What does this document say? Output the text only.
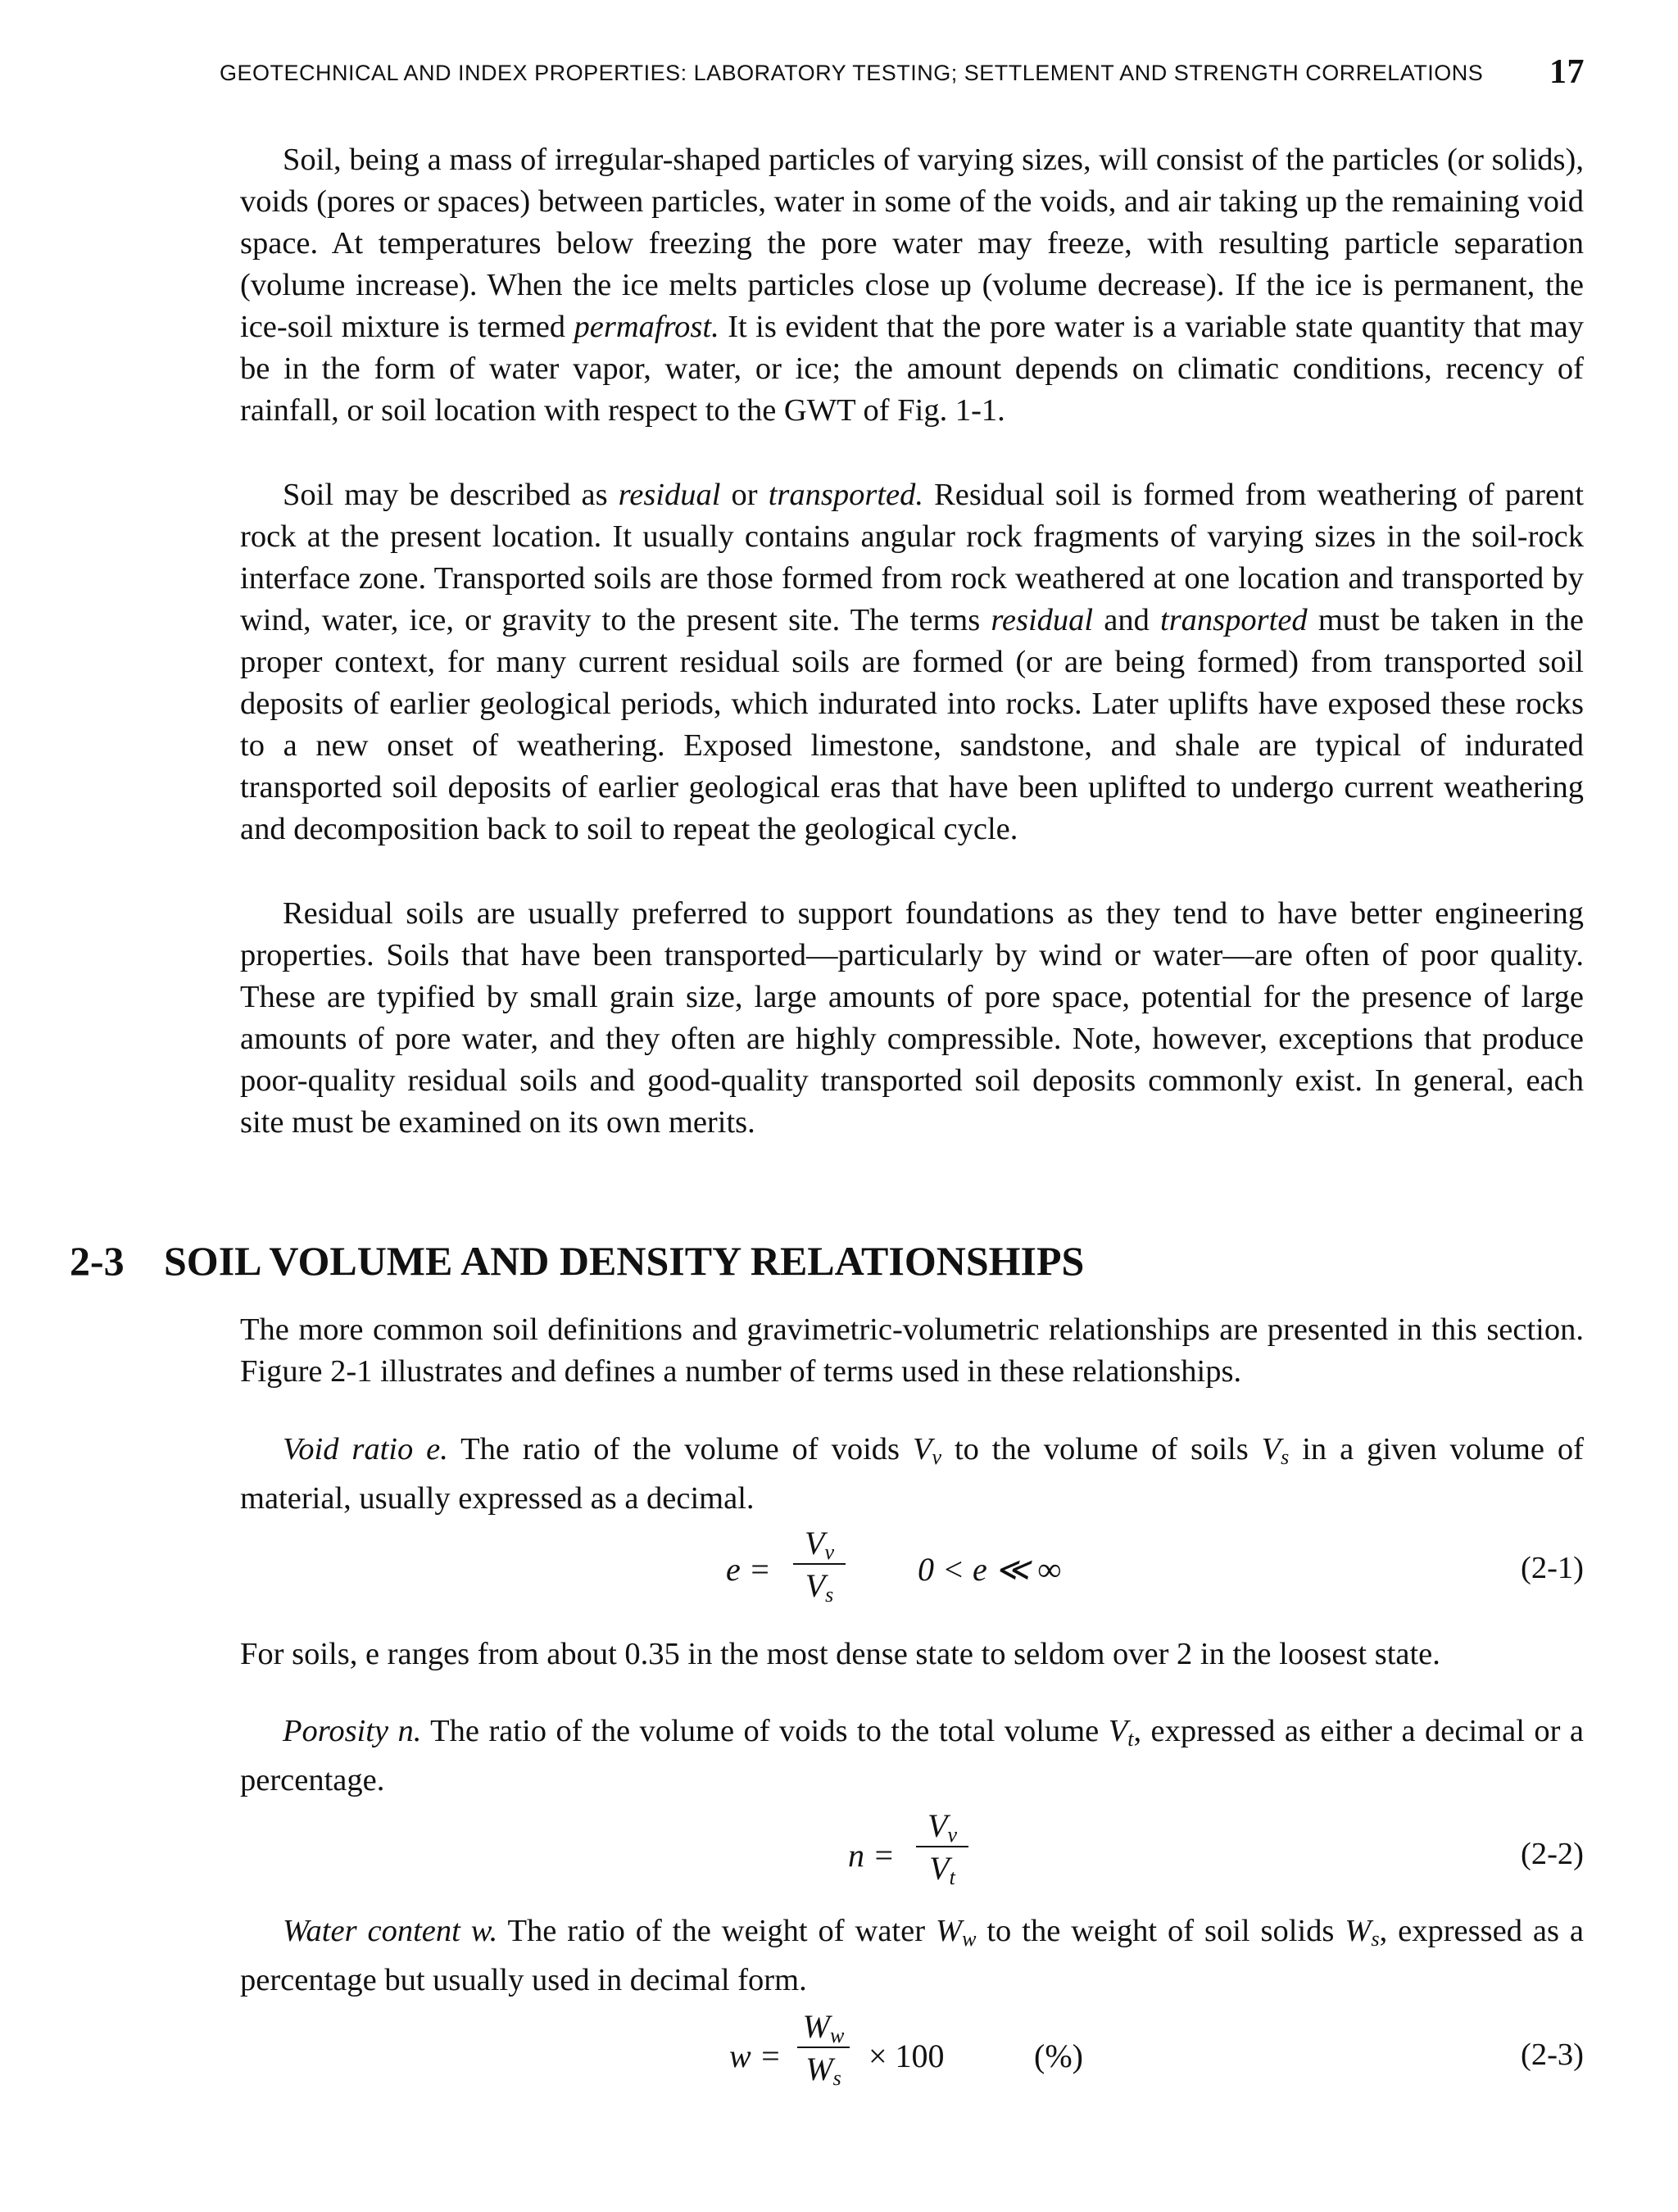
GEOTECHNICAL AND INDEX PROPERTIES: LABORATORY TESTING; SETTLEMENT AND STRENGTH CORRELATIONS 17

Soil, being a mass of irregular-shaped particles of varying sizes, will consist of the particles (or solids), voids (pores or spaces) between particles, water in some of the voids, and air taking up the remaining void space. At temperatures below freezing the pore water may freeze, with resulting particle separation (volume increase). When the ice melts particles close up (volume decrease). If the ice is permanent, the ice-soil mixture is termed permafrost. It is evident that the pore water is a variable state quantity that may be in the form of water vapor, water, or ice; the amount depends on climatic conditions, recency of rainfall, or soil location with respect to the GWT of Fig. 1-1.

Soil may be described as residual or transported. Residual soil is formed from weathering of parent rock at the present location. It usually contains angular rock fragments of varying sizes in the soil-rock interface zone. Transported soils are those formed from rock weathered at one location and transported by wind, water, ice, or gravity to the present site. The terms residual and transported must be taken in the proper context, for many current residual soils are formed (or are being formed) from transported soil deposits of earlier geological periods, which indurated into rocks. Later uplifts have exposed these rocks to a new onset of weathering. Exposed limestone, sandstone, and shale are typical of indurated transported soil deposits of earlier geological eras that have been uplifted to undergo current weathering and decomposition back to soil to repeat the geological cycle.

Residual soils are usually preferred to support foundations as they tend to have better engineering properties. Soils that have been transported—particularly by wind or water—are often of poor quality. These are typified by small grain size, large amounts of pore space, potential for the presence of large amounts of pore water, and they often are highly compressible. Note, however, exceptions that produce poor-quality residual soils and good-quality transported soil deposits commonly exist. In general, each site must be examined on its own merits.

2-3 SOIL VOLUME AND DENSITY RELATIONSHIPS

The more common soil definitions and gravimetric-volumetric relationships are presented in this section. Figure 2-1 illustrates and defines a number of terms used in these relationships.

Void ratio e. The ratio of the volume of voids $V_v$ to the volume of soils $V_s$ in a given volume of material, usually expressed as a decimal.

e =
$V_v$
$V_s$
0 < e ≪ ∞	(2-1)

For soils, e ranges from about 0.35 in the most dense state to seldom over 2 in the loosest state.

Porosity n. The ratio of the volume of voids to the total volume $V_t$, expressed as either a decimal or a percentage.

n =
$V_v$
$V_t$
(2-2)

Water content w. The ratio of the weight of water $W_w$ to the weight of soil solids $W_s$, expressed as a percentage but usually used in decimal form.

w =
$W_w$
$W_s$
× 100	(%)	(2-3)
